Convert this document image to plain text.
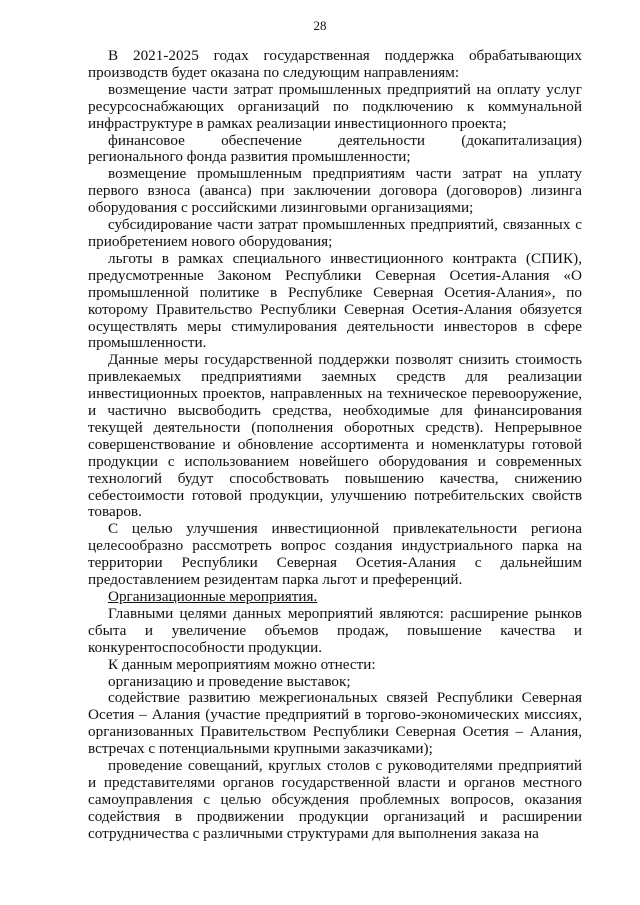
28

В 2021-2025 годах государственная поддержка обрабатывающих производств будет оказана по следующим направлениям:

возмещение части затрат промышленных предприятий на оплату услуг ресурсоснабжающих организаций по подключению к коммунальной инфраструктуре в рамках реализации инвестиционного проекта;

финансовое обеспечение деятельности (докапитализация) регионального фонда развития промышленности;

возмещение промышленным предприятиям части затрат на уплату первого взноса (аванса) при заключении договора (договоров) лизинга оборудования с российскими лизинговыми организациями;

субсидирование части затрат промышленных предприятий, связанных с приобретением нового оборудования;

льготы в рамках специального инвестиционного контракта (СПИК), предусмотренные Законом Республики Северная Осетия-Алания «О промышленной политике в Республике Северная Осетия-Алания», по которому Правительство Республики Северная Осетия-Алания обязуется осуществлять меры стимулирования деятельности инвесторов в сфере промышленности.

Данные меры государственной поддержки позволят снизить стоимость привлекаемых предприятиями заемных средств для реализации инвестиционных проектов, направленных на техническое перевооружение, и частично высвободить средства, необходимые для финансирования текущей деятельности (пополнения оборотных средств). Непрерывное совершенствование и обновление ассортимента и номенклатуры готовой продукции с использованием новейшего оборудования и современных технологий будут способствовать повышению качества, снижению себестоимости готовой продукции, улучшению потребительских свойств товаров.

С целью улучшения инвестиционной привлекательности региона целесообразно рассмотреть вопрос создания индустриального парка на территории Республики Северная Осетия-Алания с дальнейшим предоставлением резидентам парка льгот и преференций.

Организационные мероприятия.

Главными целями данных мероприятий являются: расширение рынков сбыта и увеличение объемов продаж, повышение качества и конкурентоспособности продукции.

К данным мероприятиям можно отнести:

организацию и проведение выставок;

содействие развитию межрегиональных связей Республики Северная Осетия – Алания (участие предприятий в торгово-экономических миссиях, организованных Правительством Республики Северная Осетия – Алания, встречах с потенциальными крупными заказчиками);

проведение совещаний, круглых столов с руководителями предприятий и представителями органов государственной власти и органов местного самоуправления с целью обсуждения проблемных вопросов, оказания содействия в продвижении продукции организаций и расширении сотрудничества с различными структурами для выполнения заказа на
